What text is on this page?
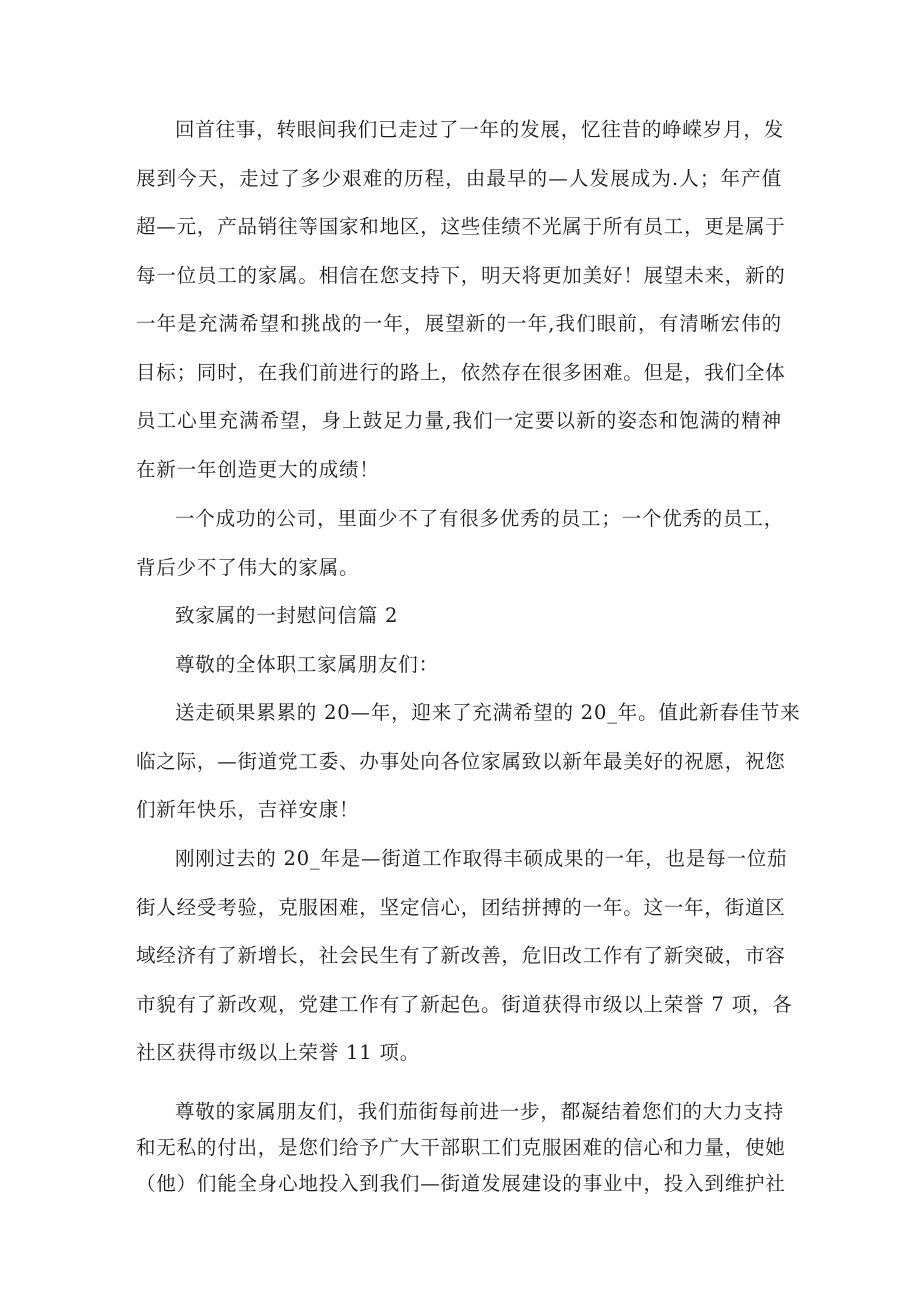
回首往事，转眼间我们已走过了一年的发展，忆往昔的峥嵘岁月，发
展到今天，走过了多少艰难的历程，由最早的—人发展成为.人；年产值
超—元，产品销往等国家和地区，这些佳绩不光属于所有员工，更是属于
每一位员工的家属。相信在您支持下，明天将更加美好！展望未来，新的
一年是充满希望和挑战的一年，展望新的一年,我们眼前，有清晰宏伟的
目标；同时，在我们前进行的路上，依然存在很多困难。但是，我们全体
员工心里充满希望，身上鼓足力量,我们一定要以新的姿态和饱满的精神
在新一年创造更大的成绩！
一个成功的公司，里面少不了有很多优秀的员工；一个优秀的员工，
背后少不了伟大的家属。
致家属的一封慰问信篇 2
尊敬的全体职工家属朋友们：
送走硕果累累的 20—年，迎来了充满希望的 20_年。值此新春佳节来
临之际，—街道党工委、办事处向各位家属致以新年最美好的祝愿，祝您
们新年快乐，吉祥安康！
刚刚过去的 20_年是—街道工作取得丰硕成果的一年，也是每一位茄
街人经受考验，克服困难，坚定信心，团结拼搏的一年。这一年，街道区
域经济有了新增长，社会民生有了新改善，危旧改工作有了新突破，市容
市貌有了新改观，党建工作有了新起色。街道获得市级以上荣誉 7 项，各
社区获得市级以上荣誉 11 项。
尊敬的家属朋友们，我们茄街每前进一步，都凝结着您们的大力支持
和无私的付出，是您们给予广大干部职工们克服困难的信心和力量，使她
（他）们能全身心地投入到我们—街道发展建设的事业中，投入到维护社
